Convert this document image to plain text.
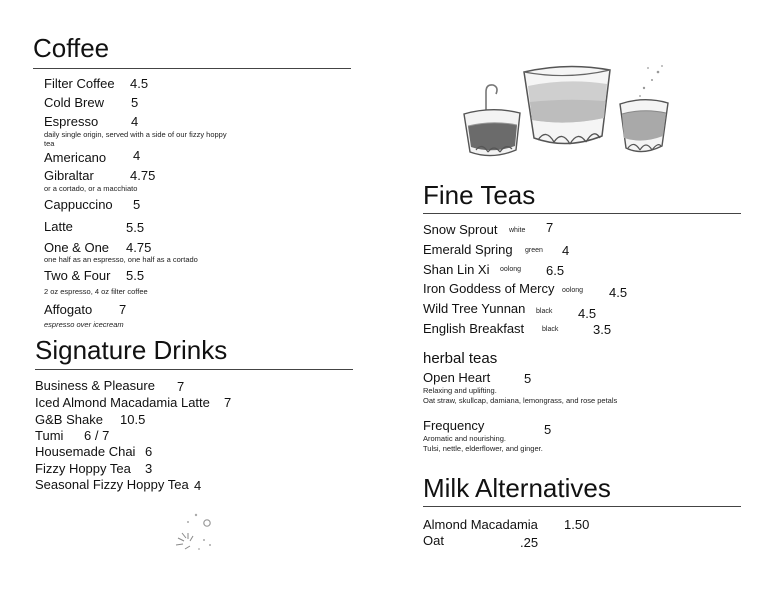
Coffee
Filter Coffee 4.5
Cold Brew 5
Espresso	4
daily single origin, served with a side of our fizzy hoppy
tea
Americano 4
Gibraltar	4.75
or a cortado, or a macchiato
Cappuccino 5
Latte	5.5
One & One 4.75
one half as an espresso, one half as a cortado
Two & Four 5.5
2 oz espresso, 4 oz filter coffee
Affogato 7
espresso over icecream
Signature Drinks
Business & Pleasure 7
Iced Almond Macadamia Latte 7
G&B Shake 10.5
Tumi 6 / 7
Housemade Chai 6
Fizzy Hoppy Tea 3
Seasonal Fizzy Hoppy Tea 4
Fine Teas
Snow Sprout white 7
Emerald Spring green 4
Shan Lin Xi oolong 6.5
Iron Goddess of Mercy oolong 4.5
Wild Tree Yunnan black 4.5
English Breakfast	black	3.5
herbal teas
Open Heart	5
Relaxing and uplifting.
Oat straw, skullcap, damiana, lemongrass, and rose petals
Frequency	5
Aromatic and nourishing.
Tulsi, nettle, elderflower, and ginger.
Milk Alternatives
Almond Macadamia 1.50
Oat	.25
